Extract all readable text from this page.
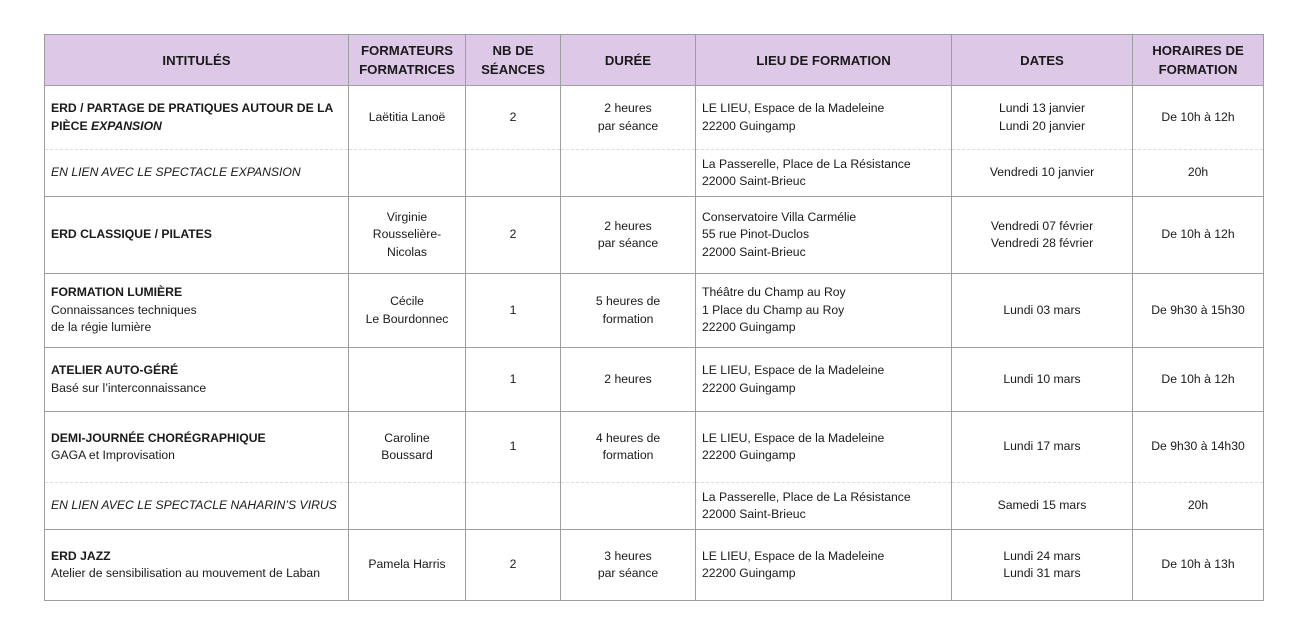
INTITULÉS	FORMATEURS
FORMATRICES	NB DE
SÉANCES	DURÉE	LIEU DE FORMATION	DATES	HORAIRES DE
FORMATION

ERD / PARTAGE DE PRATIQUES AUTOUR DE LA PIÈCE EXPANSION	Laëtitia Lanoë	2	2 heures
par séance	LE LIEU, Espace de la Madeleine
22200 Guingamp	Lundi 13 janvier
Lundi 20 janvier	De 10h à 12h

EN LIEN AVEC LE SPECTACLE EXPANSION				La Passerelle, Place de La Résistance
22000 Saint-Brieuc	Vendredi 10 janvier	20h

ERD CLASSIQUE / PILATES	Virginie
Rousselière-
Nicolas	2	2 heures
par séance	Conservatoire Villa Carmélie
55 rue Pinot-Duclos
22000 Saint-Brieuc	Vendredi 07 février
Vendredi 28 février	De 10h à 12h

FORMATION LUMIÈRE
Connaissances techniques
de la régie lumière	Cécile
Le Bourdonnec	1	5 heures de
formation	Théâtre du Champ au Roy
1 Place du Champ au Roy
22200 Guingamp	Lundi 03 mars	De 9h30 à 15h30

ATELIER AUTO-GÉRÉ
Basé sur l’interconnaissance		1	2 heures	LE LIEU, Espace de la Madeleine
22200 Guingamp	Lundi 10 mars	De 10h à 12h

DEMI-JOURNÉE CHORÉGRAPHIQUE
GAGA et Improvisation	Caroline
Boussard	1	4 heures de
formation	LE LIEU, Espace de la Madeleine
22200 Guingamp	Lundi 17 mars	De 9h30 à 14h30

EN LIEN AVEC LE SPECTACLE NAHARIN’S VIRUS				La Passerelle, Place de La Résistance
22000 Saint-Brieuc	Samedi 15 mars	20h

ERD JAZZ
Atelier de sensibilisation au mouvement de Laban	Pamela Harris	2	3 heures
par séance	LE LIEU, Espace de la Madeleine
22200 Guingamp	Lundi 24 mars
Lundi 31 mars	De 10h à 13h
